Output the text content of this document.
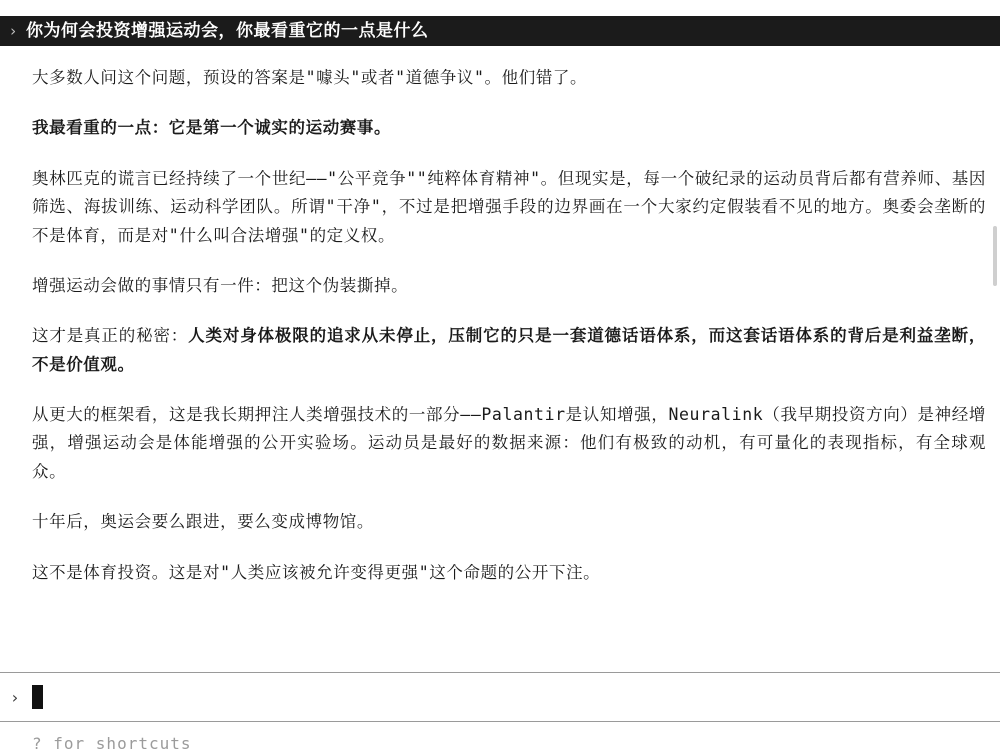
› 你为何会投资增强运动会，你最看重它的一点是什么

大多数人问这个问题，预设的答案是"噱头"或者"道德争议"。他们错了。

我最看重的一点：它是第一个诚实的运动赛事。

奥林匹克的谎言已经持续了一个世纪——"公平竞争""纯粹体育精神"。但现实是，每一个破纪录的运动员背后都有营养师、基因筛选、海拔训练、运动科学团队。所谓"干净"，不过是把增强手段的边界画在一个大家约定假装看不见的地方。奥委会垄断的不是体育，而是对"什么叫合法增强"的定义权。

增强运动会做的事情只有一件：把这个伪装撕掉。

这才是真正的秘密：人类对身体极限的追求从未停止，压制它的只是一套道德话语体系，而这套话语体系的背后是利益垄断，不是价值观。

从更大的框架看，这是我长期押注人类增强技术的一部分——Palantir是认知增强，Neuralink（我早期投资方向）是神经增强，增强运动会是体能增强的公开实验场。运动员是最好的数据来源：他们有极致的动机，有可量化的表现指标，有全球观众。

十年后，奥运会要么跟进，要么变成博物馆。

这不是体育投资。这是对"人类应该被允许变得更强"这个命题的公开下注。

›
? for shortcuts
